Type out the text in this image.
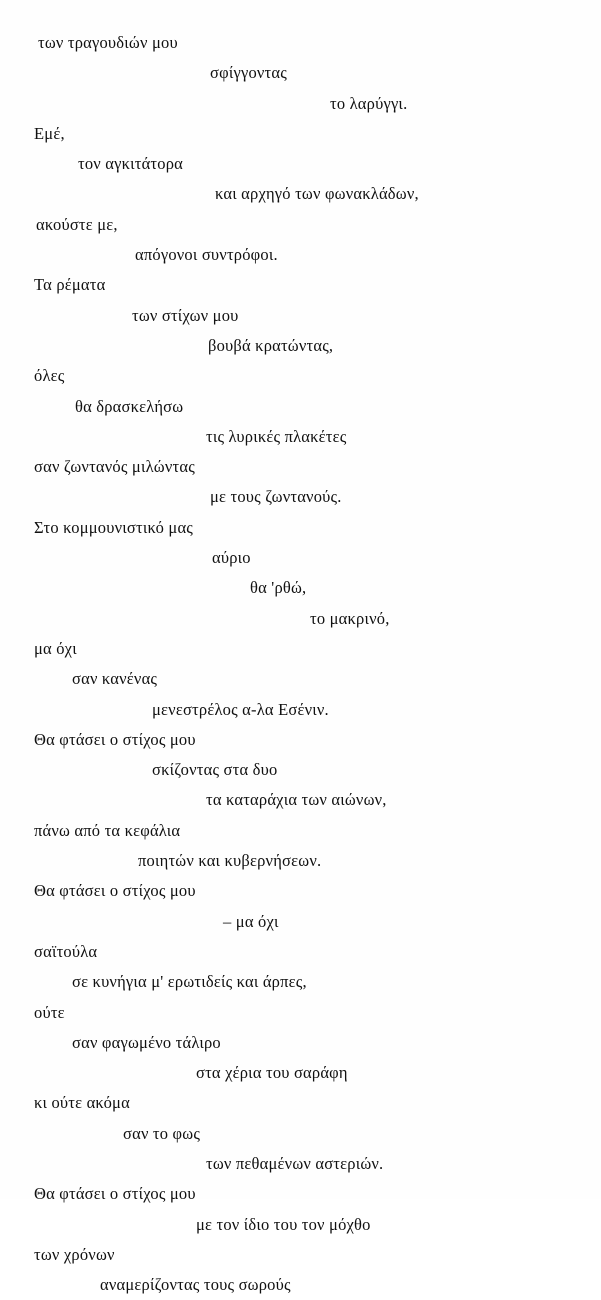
των τραγουδιών μου
σφίγγοντας
το λαρύγγι.
Εμέ,
τον αγκιτάτορα
και αρχηγό των φωνακλάδων,
ακούστε με,
απόγονοι συντρόφοι.
Τα ρέματα
των στίχων μου
βουβά κρατώντας,
όλες
θα δρασκελήσω
τις λυρικές πλακέτες
σαν ζωντανός μιλώντας
με τους ζωντανούς.
Στο κομμουνιστικό μας
αύριο
θα 'ρθώ,
το μακρινό,
μα όχι
σαν κανένας
μενεστρέλος α-λα Εσένιν.
Θα φτάσει ο στίχος μου
σκίζοντας στα δυο
τα καταράχια των αιώνων,
πάνω από τα κεφάλια
ποιητών και κυβερνήσεων.
Θα φτάσει ο στίχος μου
– μα όχι
σαϊτούλα
σε κυνήγια μ' ερωτιδείς και άρπες,
ούτε
σαν φαγωμένο τάλιρο
στα χέρια του σαράφη
κι ούτε ακόμα
σαν το φως
των πεθαμένων αστεριών.
Θα φτάσει ο στίχος μου
με τον ίδιο του τον μόχθο
των χρόνων
αναμερίζοντας τους σωρούς
